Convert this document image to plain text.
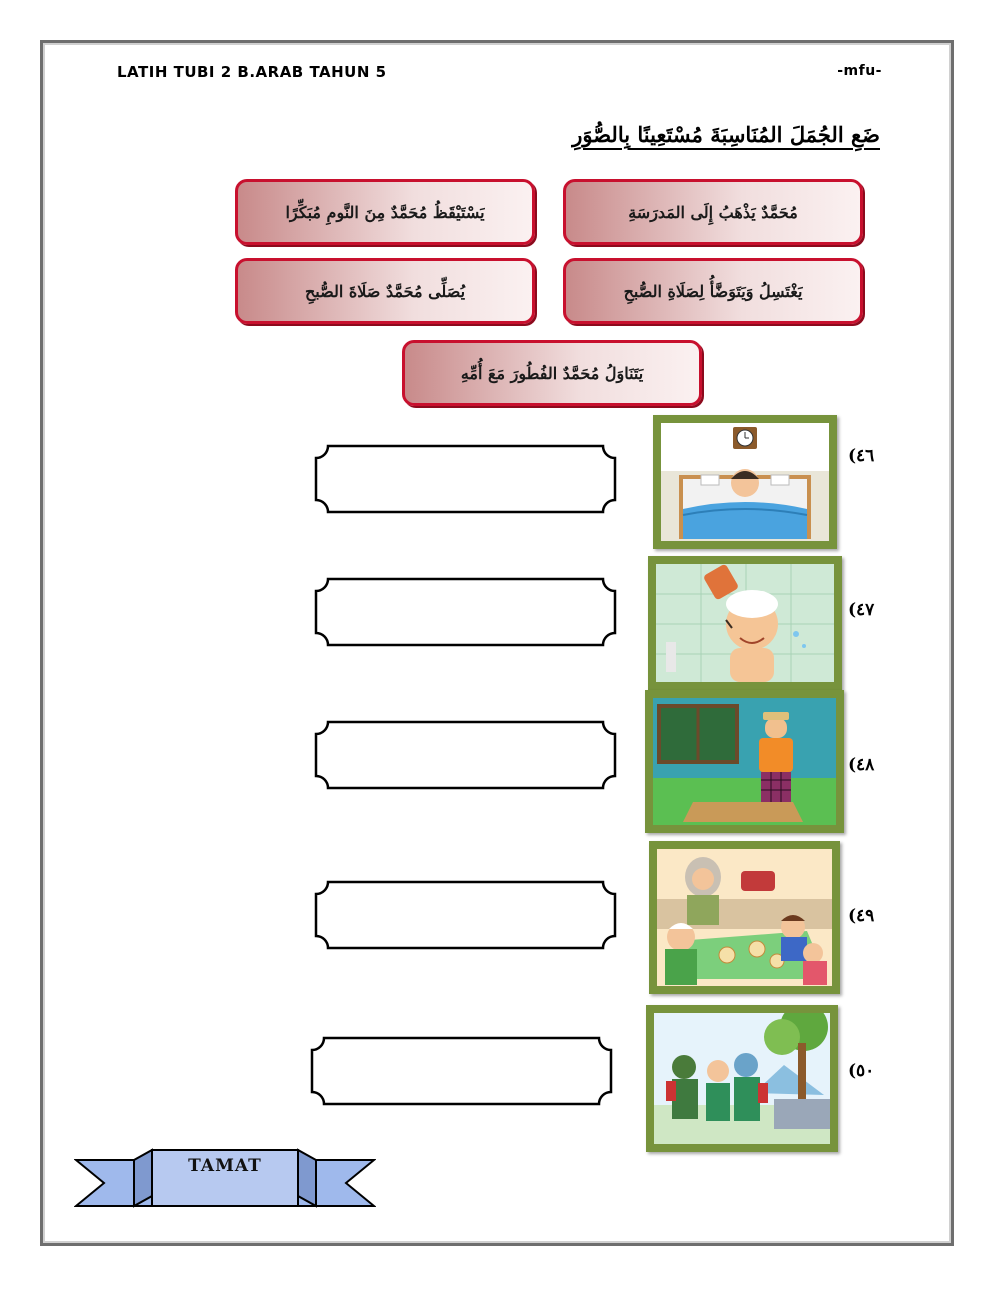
LATIH TUBI 2 B.ARAB TAHUN 5	-mfu-
ضَعِ الجُمَلَ المُنَاسِبَةَ مُسْتَعِينًا بِالصُّوَرِ
مُحَمَّدٌ يَذْهَبُ إِلَى المَدرَسَةِ
يَسْتَيْقَظُ مُحَمَّدٌ مِنَ النَّومِ مُبَكِّرًا
يَغْتَسِلُ وَيَتَوَضَّأُ لِصَلَاةِ الصُّبحِ
يُصَلِّى مُحَمَّدٌ صَلَاةَ الصُّبحِ
يَتَنَاوَلُ مُحَمَّدٌ الفُطُورَ مَعَ أُمِّهِ
٤٦)
٤٧)
٤٨)
٤٩)
٥٠)
TAMAT
